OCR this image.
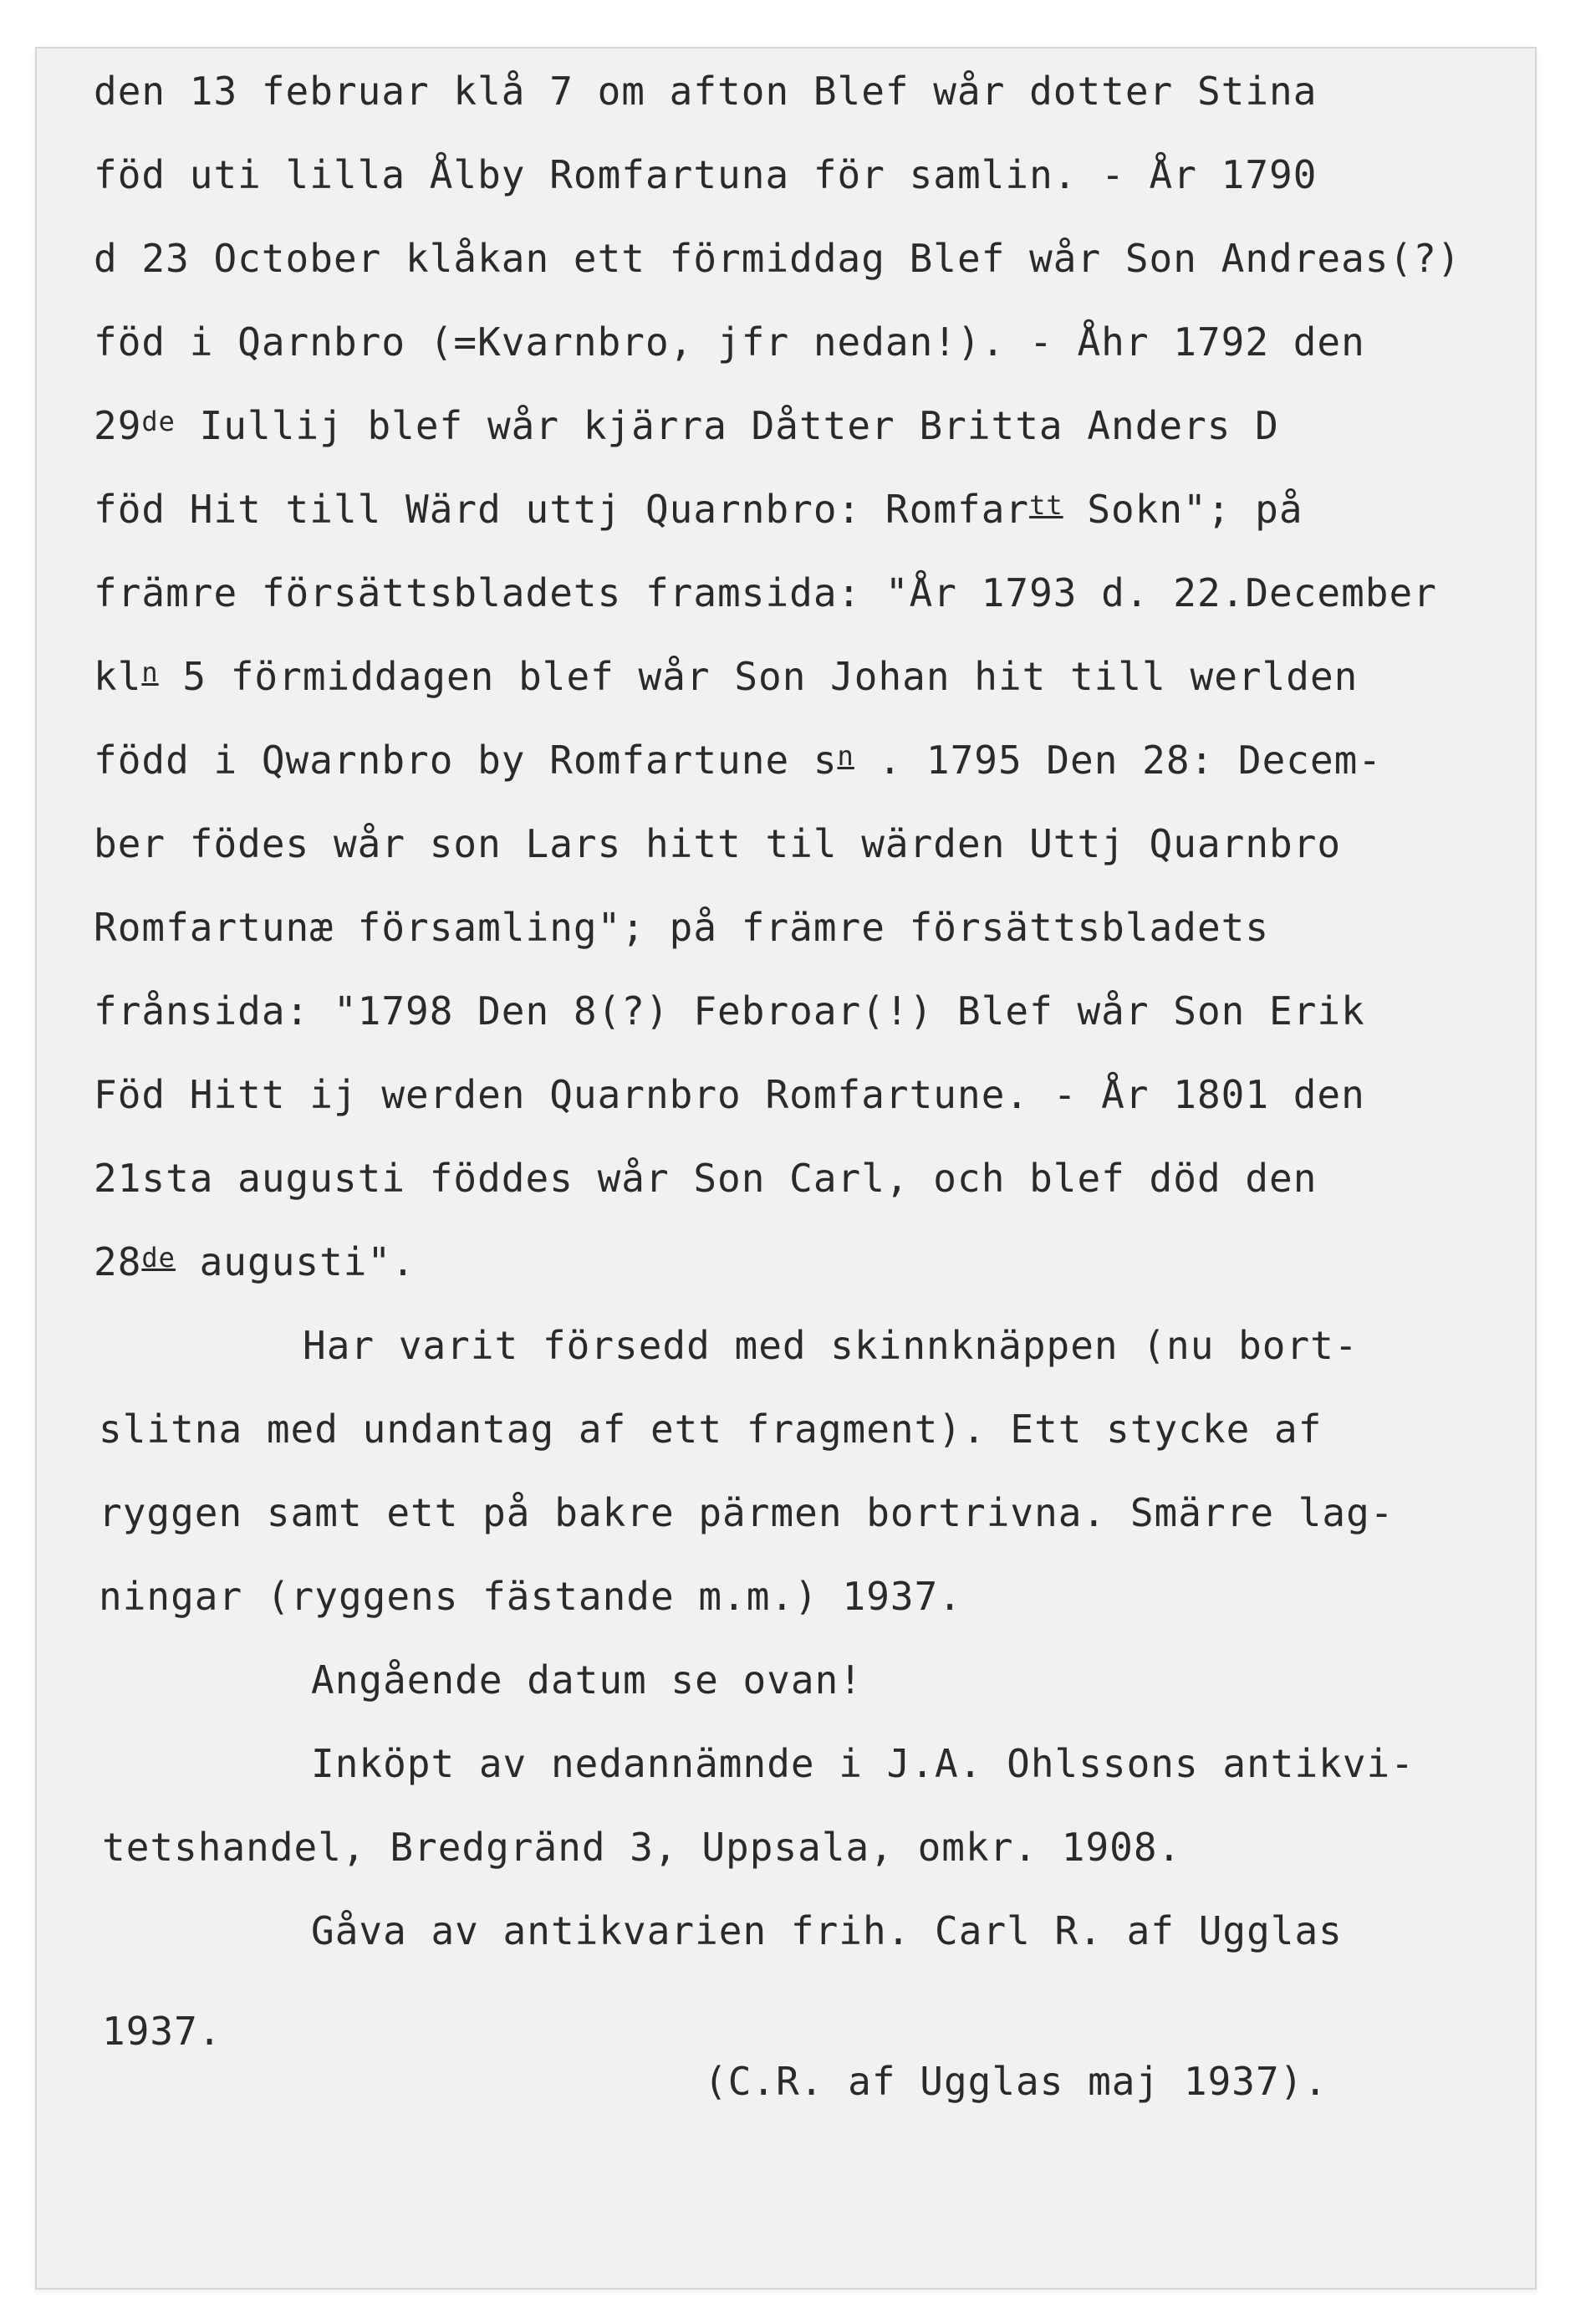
den 13 februar klå 7 om afton Blef wår dotter Stina
föd uti lilla Ålby Romfartuna för samlin. - År 1790
d 23 October klåkan ett förmiddag Blef wår Son Andreas(?)
föd i Qarnbro (=Kvarnbro, jfr nedan!). - Åhr 1792 den
29de Iullij blef wår kjärra Dåtter Britta Anders D
föd Hit till Wärd uttj Quarnbro: Romfar$^{tt}$ Sokn"; på
främre försättsbladets framsida: "År 1793 d. 22.December
$kl^n$ 5 förmiddagen blef wår Son Johan hit till werlden
född i Qwarnbro by Romfartune $s^n$ . 1795 Den 28: Decem-
ber födes wår son Lars hitt til wärden Uttj Quarnbro
Romfartunæ församling"; på främre försättsbladets
frånsida: "1798 Den 8(?) Febroar(!) Blef wår Son Erik
Föd Hitt ij werden Quarnbro Romfartune. - År 1801 den
21sta augusti föddes wår Son Carl, och blef död den
28de augusti".
Har varit försedd med skinnknäppen (nu bort-
slitna med undantag af ett fragment). Ett stycke af
ryggen samt ett på bakre pärmen bortrivna. Smärre lag-
ningar (ryggens fästande m.m.) 1937.
Angående datum se ovan!
Inköpt av nedannämnde i J.A. Ohlssons antikvi-
tetshandel, Bredgränd 3, Uppsala, omkr. 1908.
Gåva av antikvarien frih. Carl R. af Ugglas
1937.
(C.R. af Ugglas maj 1937).
